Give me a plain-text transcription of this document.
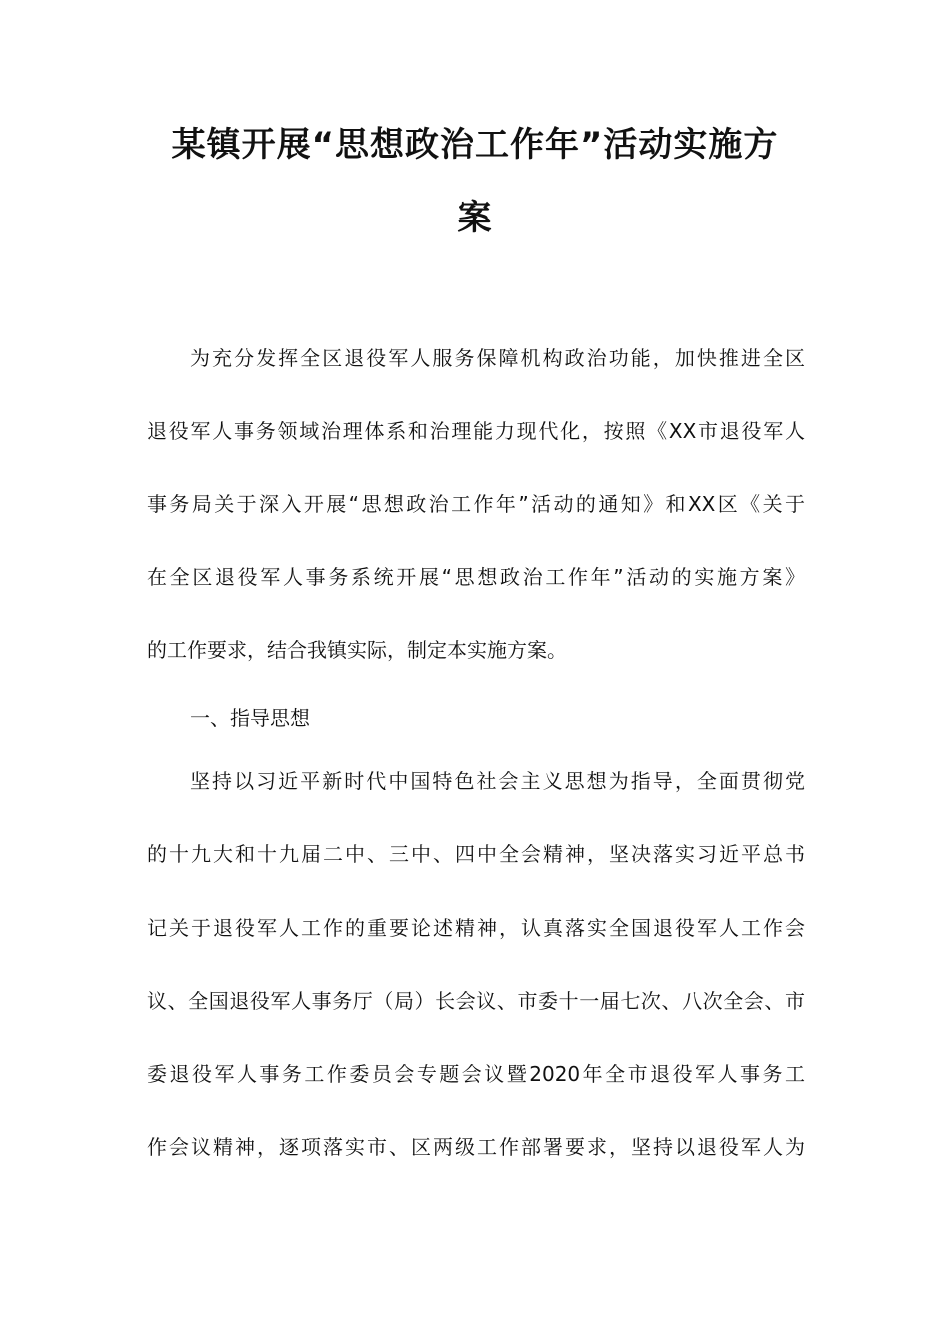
某镇开展“思想政治工作年”活动实施方
案
为充分发挥全区退役军人服务保障机构政治功能，加快推进全区
退役军人事务领域治理体系和治理能力现代化，按照《XX市退役军人
事务局关于深入开展“思想政治工作年”活动的通知》和XX区《关于
在全区退役军人事务系统开展“思想政治工作年”活动的实施方案》
的工作要求，结合我镇实际，制定本实施方案。
一、指导思想
坚持以习近平新时代中国特色社会主义思想为指导，全面贯彻党
的十九大和十九届二中、三中、四中全会精神，坚决落实习近平总书
记关于退役军人工作的重要论述精神，认真落实全国退役军人工作会
议、全国退役军人事务厅（局）长会议、市委十一届七次、八次全会、市
委退役军人事务工作委员会专题会议暨2020年全市退役军人事务工
作会议精神，逐项落实市、区两级工作部署要求，坚持以退役军人为
